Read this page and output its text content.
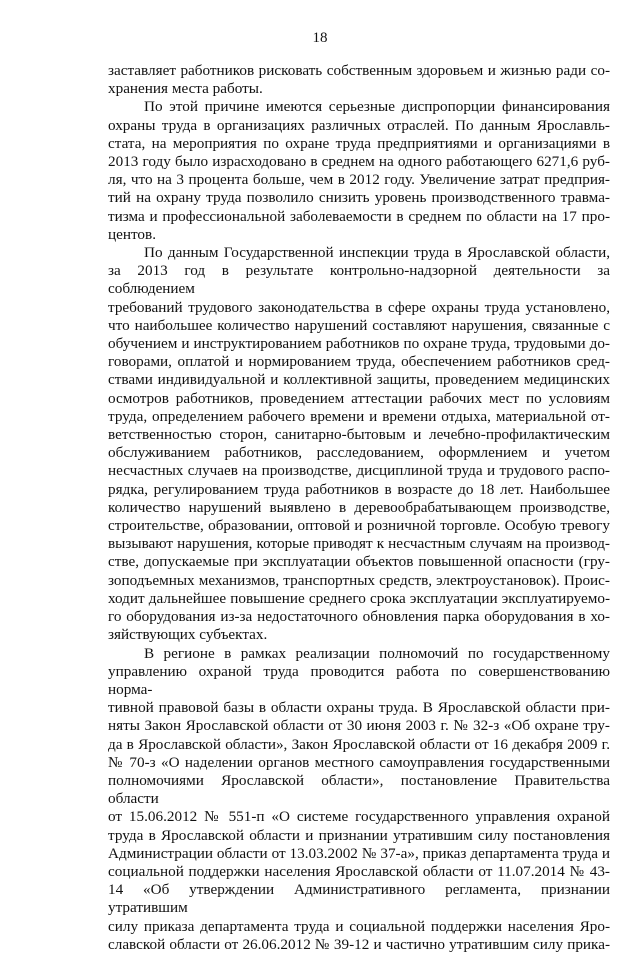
18

заставляет работников рисковать собственным здоровьем и жизнью ради со-

хранения места работы.

По этой причине имеются серьезные диспропорции финансирования

охраны труда в организациях различных отраслей. По данным Ярославль-

стата, на мероприятия по охране труда предприятиями и организациями в

2013 году было израсходовано в среднем на одного работающего 6271,6 руб-

ля, что на 3 процента больше, чем в 2012 году. Увеличение затрат предприя-

тий на охрану труда позволило снизить уровень производственного травма-

тизма и профессиональной заболеваемости в среднем по области на 17 про-

центов.

По данным Государственной инспекции труда в Ярославской области,

за 2013 год в результате контрольно-надзорной деятельности за соблюдением

требований трудового законодательства в сфере охраны труда установлено,

что наибольшее количество нарушений составляют нарушения, связанные с

обучением и инструктированием работников по охране труда, трудовыми до-

говорами, оплатой и нормированием труда, обеспечением работников сред-

ствами индивидуальной и коллективной защиты, проведением медицинских

осмотров работников, проведением аттестации рабочих мест по условиям

труда, определением рабочего времени и времени отдыха, материальной от-

ветственностью сторон, санитарно-бытовым и лечебно-профилактическим

обслуживанием работников, расследованием, оформлением и учетом

несчастных случаев на производстве, дисциплиной труда и трудового распо-

рядка, регулированием труда работников в возрасте до 18 лет. Наибольшее

количество нарушений выявлено в деревообрабатывающем производстве,

строительстве, образовании, оптовой и розничной торговле. Особую тревогу

вызывают нарушения, которые приводят к несчастным случаям на производ-

стве, допускаемые при эксплуатации объектов повышенной опасности (гру-

зоподъемных механизмов, транспортных средств, электроустановок). Проис-

ходит дальнейшее повышение среднего срока эксплуатации эксплуатируемо-

го оборудования из-за недостаточного обновления парка оборудования в хо-

зяйствующих субъектах.

В регионе в рамках реализации полномочий по государственному

управлению охраной труда проводится работа по совершенствованию норма-

тивной правовой базы в области охраны труда. В Ярославской области при-

няты Закон Ярославской области от 30 июня 2003 г. № 32-з «Об охране тру-

да в Ярославской области», Закон Ярославской области от 16 декабря 2009 г.

№ 70-з «О наделении органов местного самоуправления государственными

полномочиями Ярославской области», постановление Правительства области

от 15.06.2012 № 551-п «О системе государственного управления охраной

труда в Ярославской области и признании утратившим силу постановления

Администрации области от 13.03.2002 № 37-а», приказ департамента труда и

социальной поддержки населения Ярославской области от 11.07.2014 № 43-

14 «Об утверждении Административного регламента, признании утратившим

силу приказа департамента труда и социальной поддержки населения Яро-

славской области от 26.06.2012 № 39-12 и частично утратившим силу прика-
